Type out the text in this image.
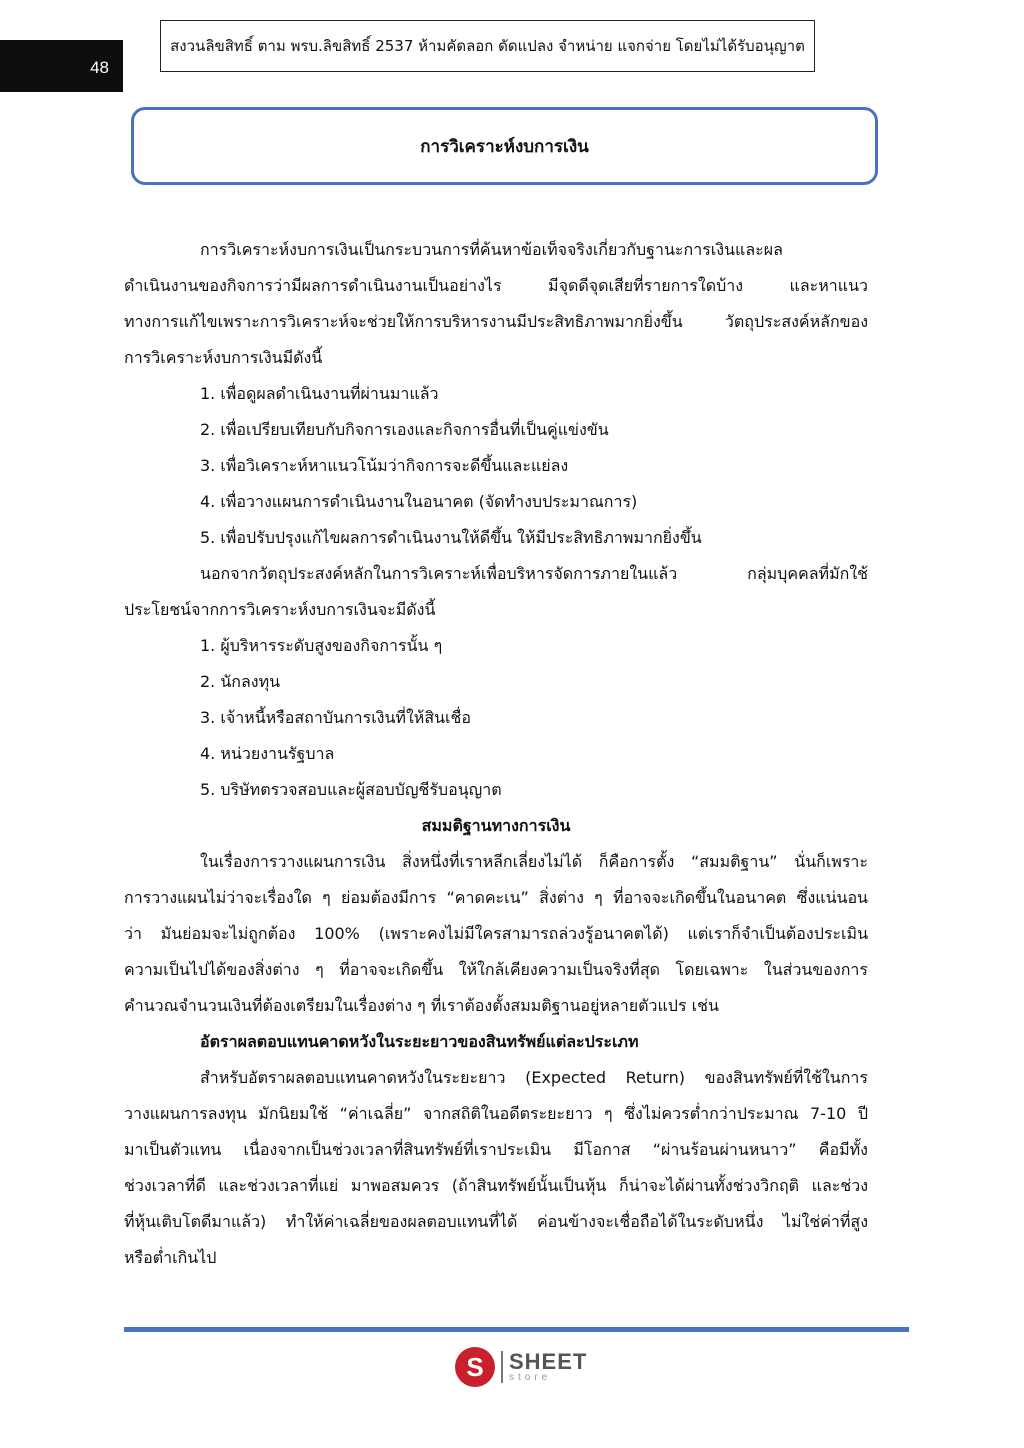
48
สงวนลิขสิทธิ์ ตาม พรบ.ลิขสิทธิ์ 2537 ห้ามคัดลอก ดัดแปลง จำหน่าย แจกจ่าย โดยไม่ได้รับอนุญาต
การวิเคราะห์งบการเงิน
การวิเคราะห์งบการเงินเป็นกระบวนการที่ค้นหาข้อเท็จจริงเกี่ยวกับฐานะการเงินและผล
ดำเนินงานของกิจการว่ามีผลการดำเนินงานเป็นอย่างไร มีจุดดีจุดเสียที่รายการใดบ้าง และหาแนว
ทางการแก้ไขเพราะการวิเคราะห์จะช่วยให้การบริหารงานมีประสิทธิภาพมากยิ่งขึ้น วัตถุประสงค์หลักของ
การวิเคราะห์งบการเงินมีดังนี้
1. เพื่อดูผลดำเนินงานที่ผ่านมาแล้ว
2. เพื่อเปรียบเทียบกับกิจการเองและกิจการอื่นที่เป็นคู่แข่งขัน
3. เพื่อวิเคราะห์หาแนวโน้มว่ากิจการจะดีขึ้นและแย่ลง
4. เพื่อวางแผนการดำเนินงานในอนาคต (จัดทำงบประมาณการ)
5. เพื่อปรับปรุงแก้ไขผลการดำเนินงานให้ดีขึ้น ให้มีประสิทธิภาพมากยิ่งขึ้น
นอกจากวัตถุประสงค์หลักในการวิเคราะห์เพื่อบริหารจัดการภายในแล้ว กลุ่มบุคคลที่มักใช้
ประโยชน์จากการวิเคราะห์งบการเงินจะมีดังนี้
1. ผู้บริหารระดับสูงของกิจการนั้น ๆ
2. นักลงทุน
3. เจ้าหนี้หรือสถาบันการเงินที่ให้สินเชื่อ
4. หน่วยงานรัฐบาล
5. บริษัทตรวจสอบและผู้สอบบัญชีรับอนุญาต
สมมติฐานทางการเงิน
ในเรื่องการวางแผนการเงิน สิ่งหนึ่งที่เราหลีกเลี่ยงไม่ได้ ก็คือการตั้ง “สมมติฐาน” นั่นก็เพราะ
การวางแผนไม่ว่าจะเรื่องใด ๆ ย่อมต้องมีการ “คาดคะเน” สิ่งต่าง ๆ ที่อาจจะเกิดขึ้นในอนาคต ซึ่งแน่นอน
ว่า มันย่อมจะไม่ถูกต้อง 100% (เพราะคงไม่มีใครสามารถล่วงรู้อนาคตได้) แต่เราก็จำเป็นต้องประเมิน
ความเป็นไปได้ของสิ่งต่าง ๆ ที่อาจจะเกิดขึ้น ให้ใกล้เคียงความเป็นจริงที่สุด โดยเฉพาะ ในส่วนของการ
คำนวณจำนวนเงินที่ต้องเตรียมในเรื่องต่าง ๆ ที่เราต้องตั้งสมมติฐานอยู่หลายตัวแปร เช่น
อัตราผลตอบแทนคาดหวังในระยะยาวของสินทรัพย์แต่ละประเภท
สำหรับอัตราผลตอบแทนคาดหวังในระยะยาว (Expected Return) ของสินทรัพย์ที่ใช้ในการ
วางแผนการลงทุน มักนิยมใช้ “ค่าเฉลี่ย” จากสถิติในอดีตระยะยาว ๆ ซึ่งไม่ควรต่ำกว่าประมาณ 7-10 ปี
มาเป็นตัวแทน เนื่องจากเป็นช่วงเวลาที่สินทรัพย์ที่เราประเมิน มีโอกาส “ผ่านร้อนผ่านหนาว” คือมีทั้ง
ช่วงเวลาที่ดี และช่วงเวลาที่แย่ มาพอสมควร (ถ้าสินทรัพย์นั้นเป็นหุ้น ก็น่าจะได้ผ่านทั้งช่วงวิกฤติ และช่วง
ที่หุ้นเติบโตดีมาแล้ว) ทำให้ค่าเฉลี่ยของผลตอบแทนที่ได้ ค่อนข้างจะเชื่อถือได้ในระดับหนึ่ง ไม่ใช่ค่าที่สูง
หรือต่ำเกินไป
S	SHEET
store
